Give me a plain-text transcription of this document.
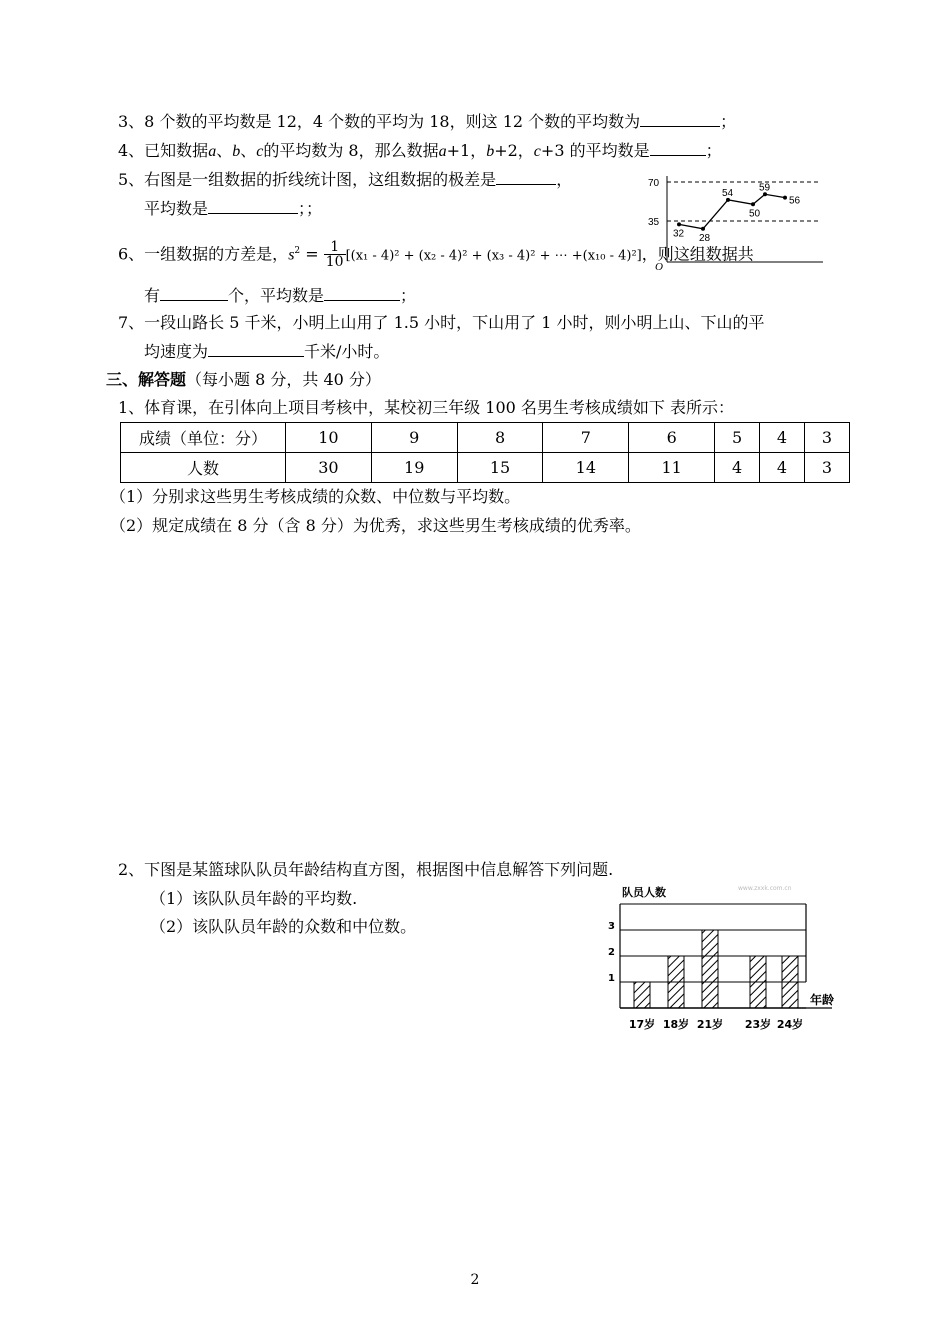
3、8 个数的平均数是 12，4 个数的平均为 18，则这 12 个数的平均数为	；
4、已知数据a、b、c的平均数为 8，那么数据a+1，b+2，c+3 的平均数是	；
5、右图是一组数据的折线统计图，这组数据的极差是	，
平均数是	；；
70
35
O
32 28
54
50
59
56
6、一组数据的方差是，$s^2 = \frac{1}{10} [(x_1 - 4)^2 + (x_2 - 4)^2 + (x_3 - 4)^2$ + ⋯ +(x₁₀ - 4)²]，则这组数据共
有	个，平均数是	；
7、一段山路长 5 千米，小明上山用了 1.5 小时，下山用了 1 小时，则小明上山、下山的平
均速度为	千米/小时。
三、解答题（每小题 8 分，共 40 分）
1、体育课，在引体向上项目考核中，某校初三年级 100 名男生考核成绩如下 表所示：
成绩（单位：分）	10	9	8	7	6	5	4	3
人数	30	19	15	14	11	4	4	3
（1）分别求这些男生考核成绩的众数、中位数与平均数。
（2）规定成绩在 8 分（含 8 分）为优秀，求这些男生考核成绩的优秀率。
2、下图是某篮球队队员年龄结构直方图，根据图中信息解答下列问题.
（1）该队队员年龄的平均数.
（2）该队队员年龄的众数和中位数。
队员人数	www.zxxk.com.cn
3
2
1
17岁 18岁 21岁 23岁 24岁
年龄
2
